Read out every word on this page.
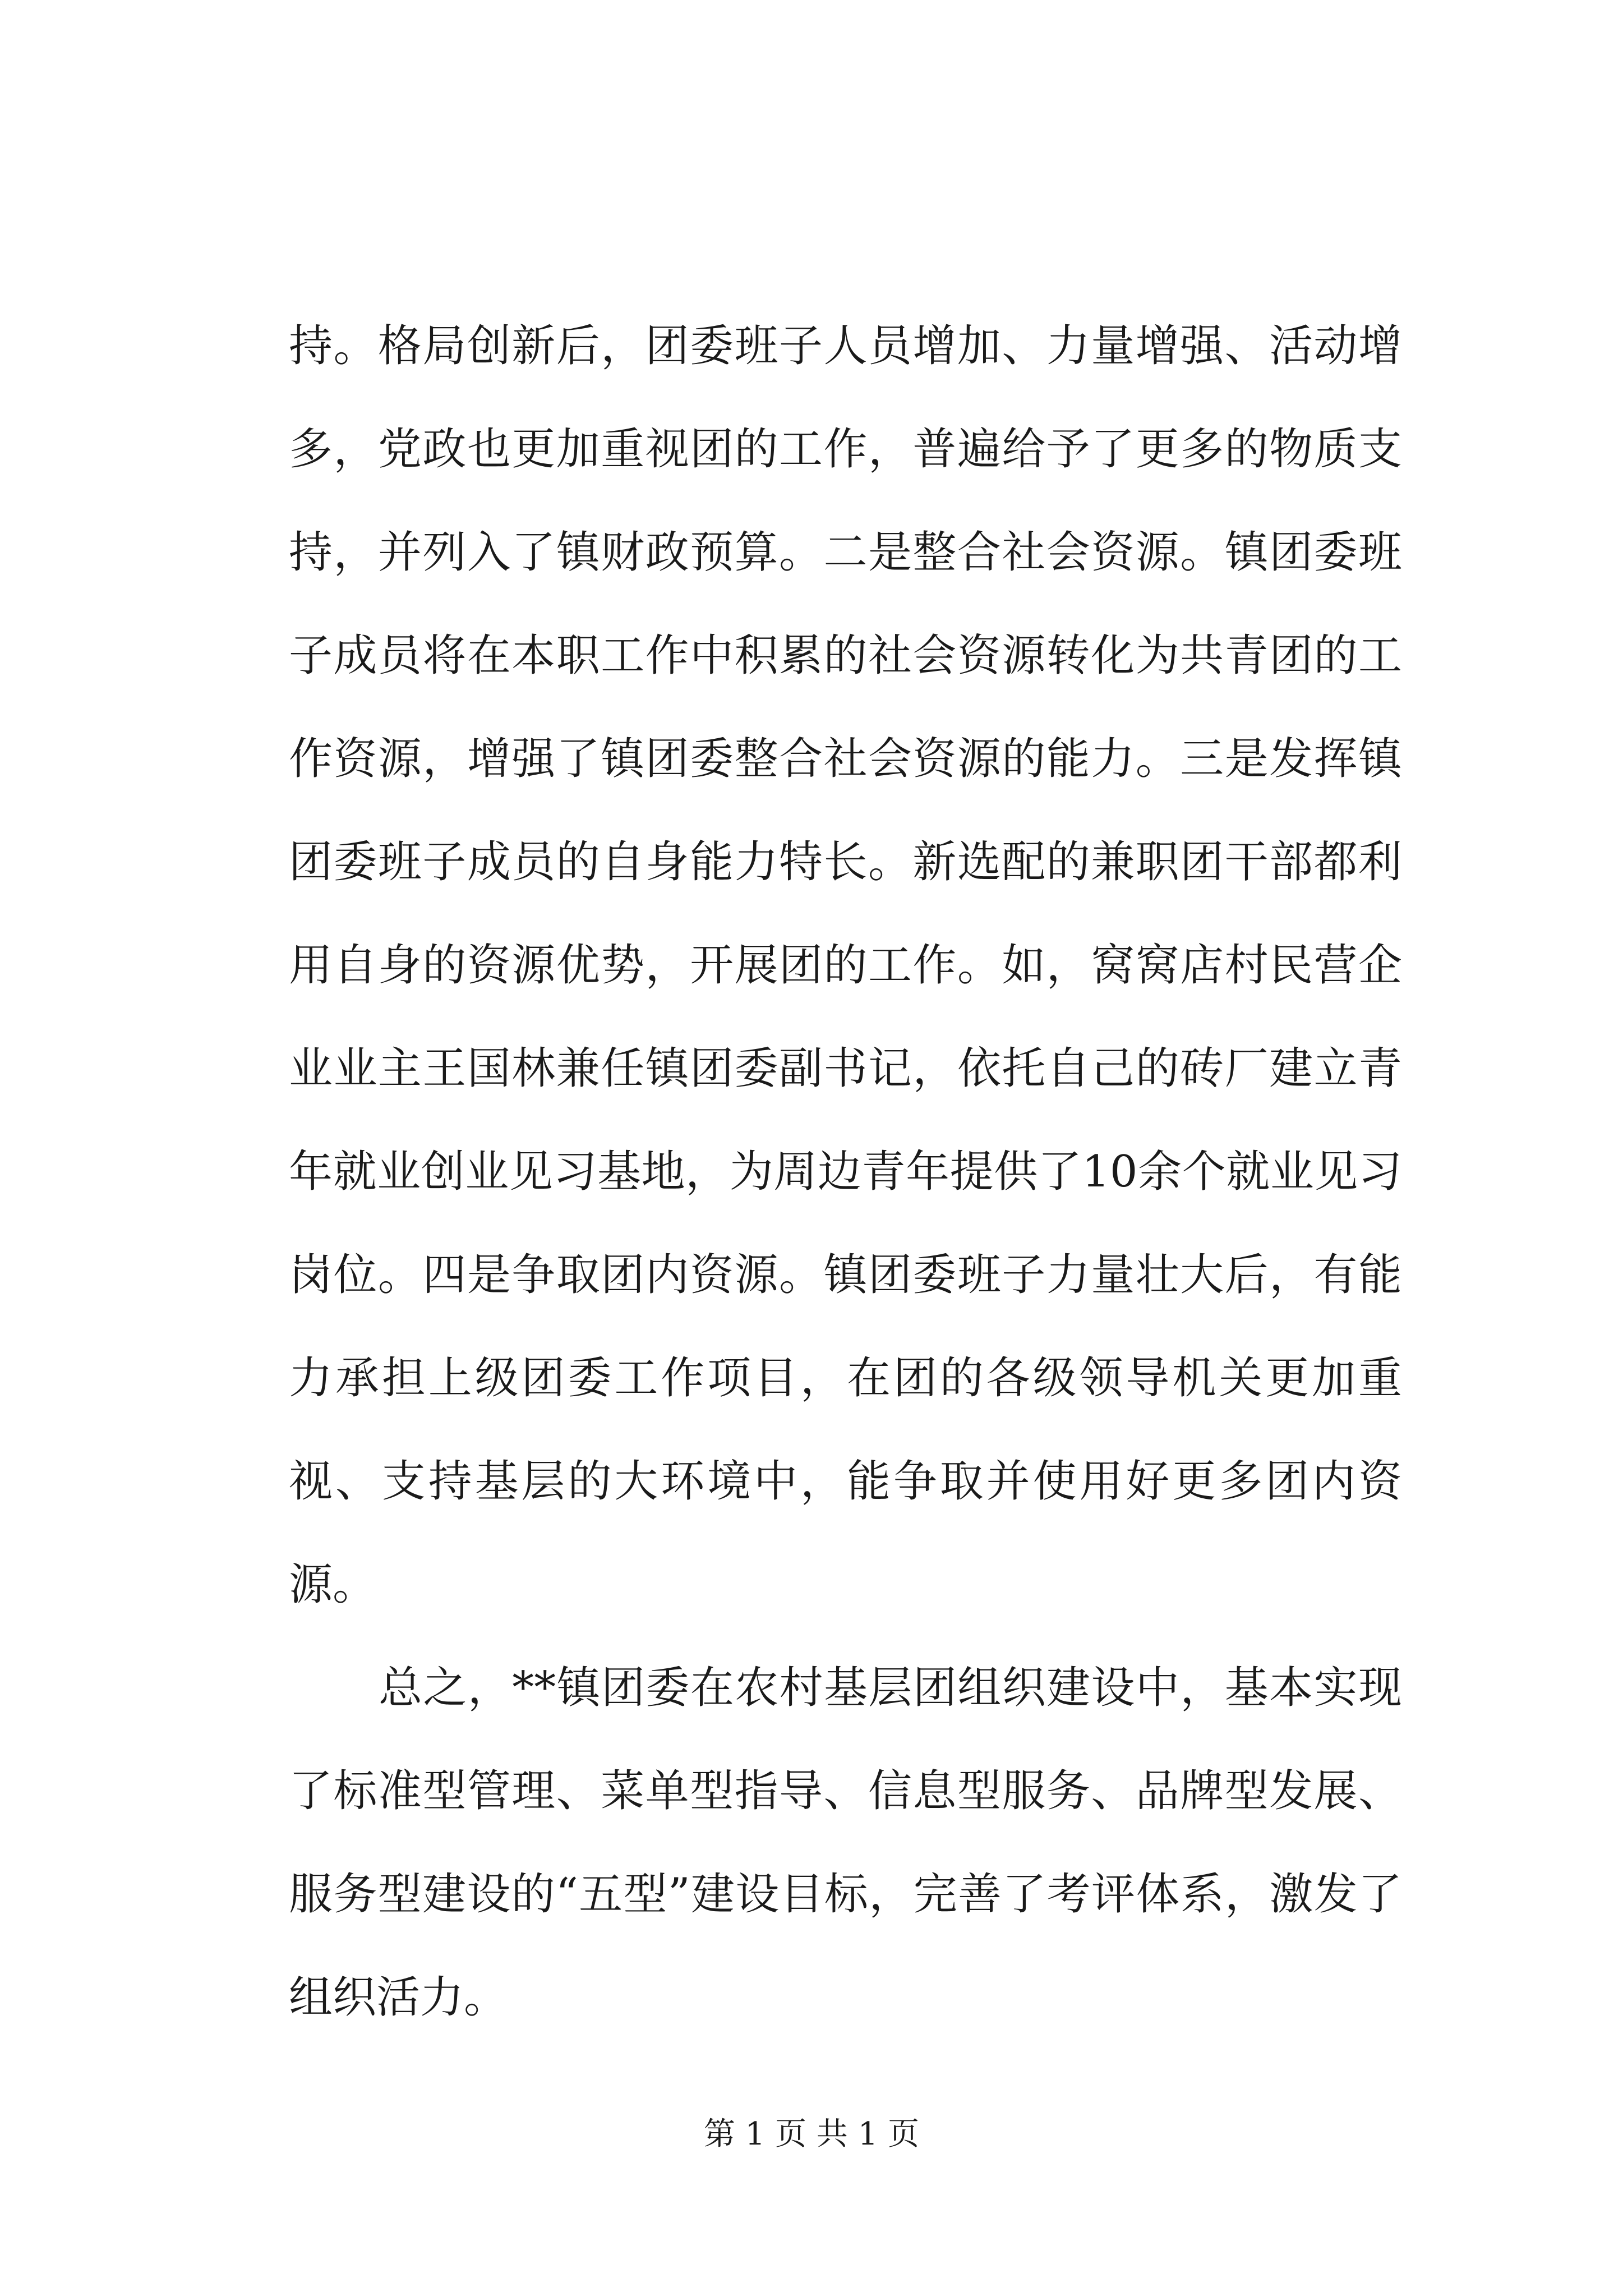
持。格局创新后，团委班子人员增加、力量增强、活动增多，党政也更加重视团的工作，普遍给予了更多的物质支持，并列入了镇财政预算。二是整合社会资源。镇团委班子成员将在本职工作中积累的社会资源转化为共青团的工作资源，增强了镇团委整合社会资源的能力。三是发挥镇团委班子成员的自身能力特长。新选配的兼职团干部都利用自身的资源优势，开展团的工作。如，窝窝店村民营企业业主王国林兼任镇团委副书记，依托自己的砖厂建立青年就业创业见习基地，为周边青年提供了10余个就业见习岗位。四是争取团内资源。镇团委班子力量壮大后，有能力承担上级团委工作项目，在团的各级领导机关更加重视、支持基层的大环境中，能争取并使用好更多团内资源。

总之，**镇团委在农村基层团组织建设中，基本实现了标准型管理、菜单型指导、信息型服务、品牌型发展、服务型建设的“五型”建设目标，完善了考评体系，激发了组织活力。

第 1 页 共 1 页
